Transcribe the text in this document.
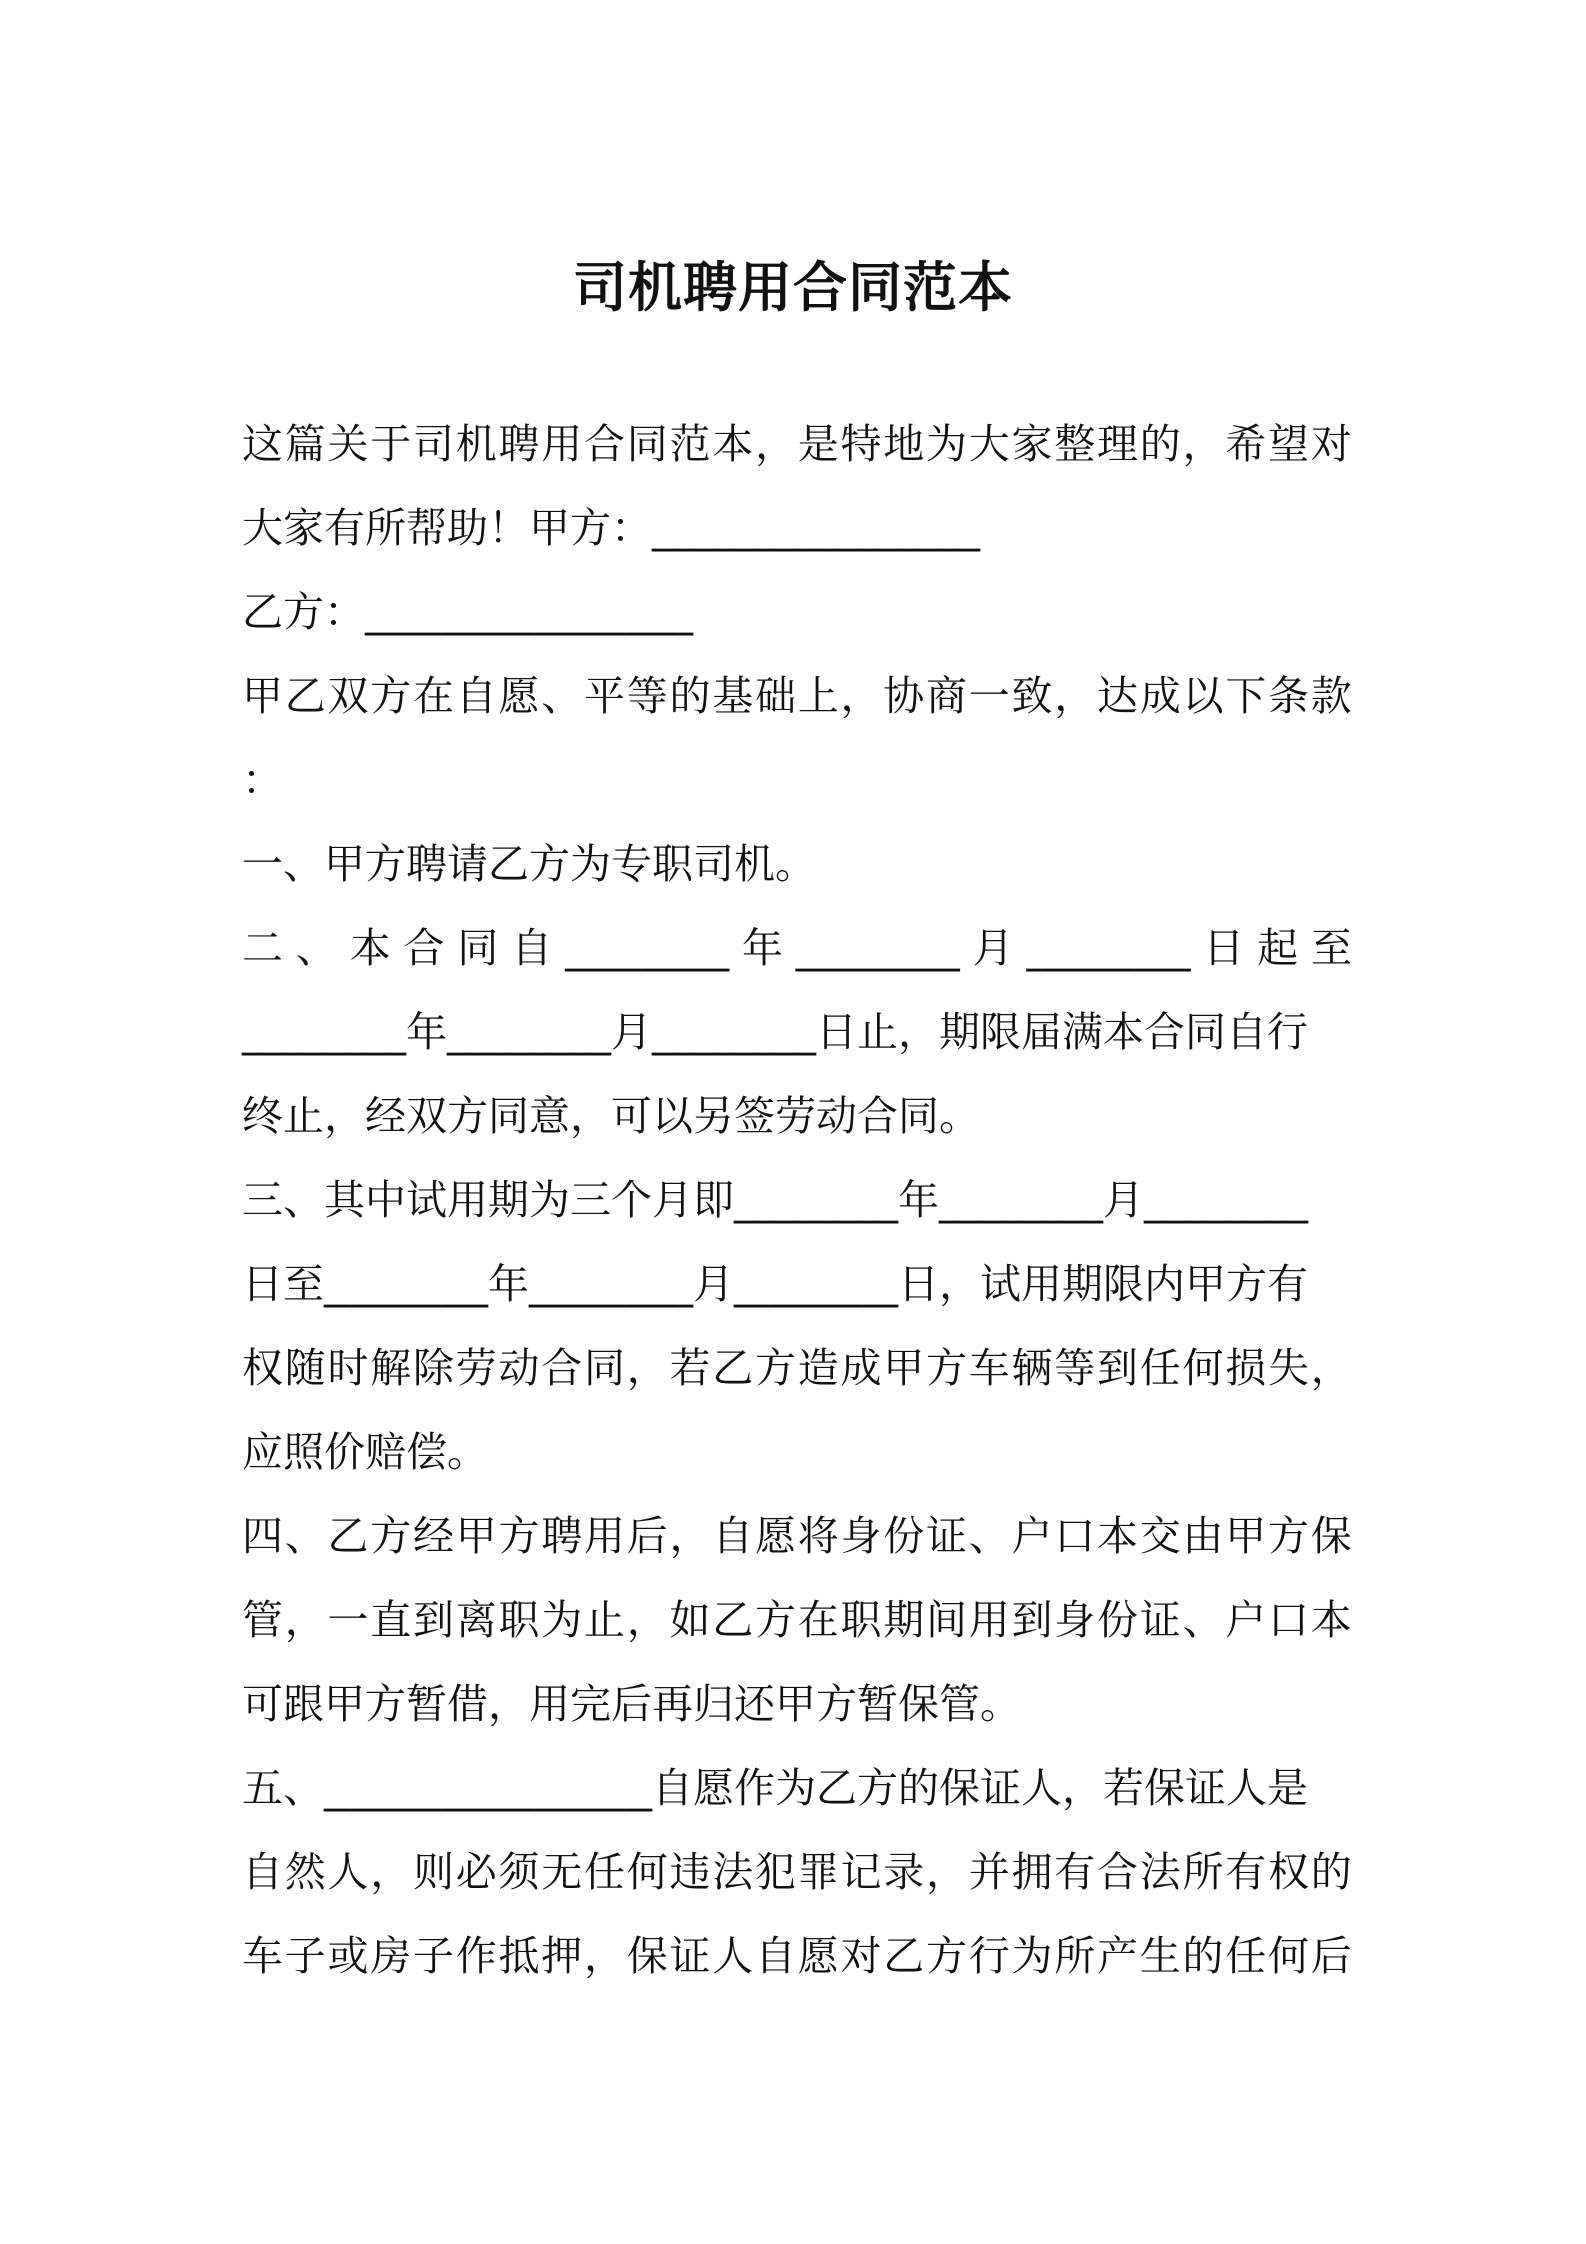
司机聘用合同范本
这 篇 关 于 司 机 聘 用 合 同 范 本 ， 是 特 地 为 大 家 整 理 的 ， 希 望 对
大家有所帮助！甲方：________________
乙方：________________
甲 乙 双 方 在 自 愿 、 平 等 的 基 础 上 ， 协 商 一 致 ， 达 成 以 下 条 款
：
一、甲方聘请乙方为专职司机。
二 、 本 合 同 自 ________ 年 ________ 月 ________ 日 起 至
________年________月________日止，期限届满本合同自行
终止，经双方同意，可以另签劳动合同。
三、其中试用期为三个月即________年________月________
日至________年________月________日，试用期限内甲方有
权 随 时 解 除 劳 动 合 同 ， 若 乙 方 造 成 甲 方 车 辆 等 到 任 何 损 失 ，
应照价赔偿。
四 、 乙 方 经 甲 方 聘 用 后 ， 自 愿 将 身 份 证 、 户 口 本 交 由 甲 方 保
管 ， 一 直 到 离 职 为 止 ， 如 乙 方 在 职 期 间 用 到 身 份 证 、 户 口 本
可跟甲方暂借，用完后再归还甲方暂保管。
五、________________自愿作为乙方的保证人，若保证人是
自 然 人 ， 则 必 须 无 任 何 违 法 犯 罪 记 录 ， 并 拥 有 合 法 所 有 权 的
车 子 或 房 子 作 抵 押 ， 保 证 人 自 愿 对 乙 方 行 为 所 产 生 的 任 何 后
